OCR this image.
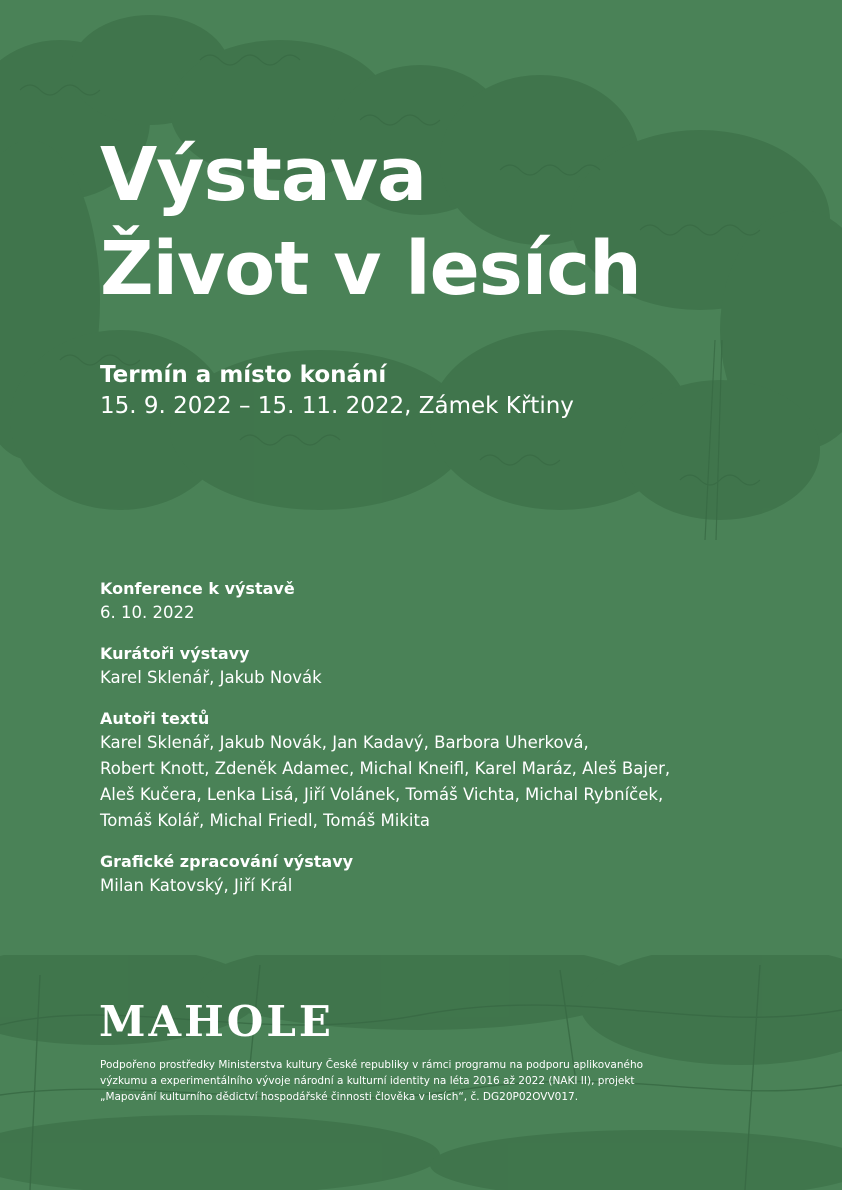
Výstava
Život v lesích
Termín a místo konání
15. 9. 2022 – 15. 11. 2022, Zámek Křtiny
Konference k výstavě
6. 10. 2022
Kurátoři výstavy
Karel Sklenář, Jakub Novák
Autoři textů
Karel Sklenář, Jakub Novák, Jan Kadavý, Barbora Uherková,
Robert Knott, Zdeněk Adamec, Michal Kneifl, Karel Maráz, Aleš Bajer,
Aleš Kučera, Lenka Lisá, Jiří Volánek, Tomáš Vichta, Michal Rybníček,
Tomáš Kolář, Michal Friedl, Tomáš Mikita
Grafické zpracování výstavy
Milan Katovský, Jiří Král
MAHOLE
Podpořeno prostředky Ministerstva kultury České republiky v rámci programu na podporu aplikovaného
výzkumu a experimentálního vývoje národní a kulturní identity na léta 2016 až 2022 (NAKI II), projekt
„Mapování kulturního dědictví hospodářské činnosti člověka v lesích“, č. DG20P02OVV017.
